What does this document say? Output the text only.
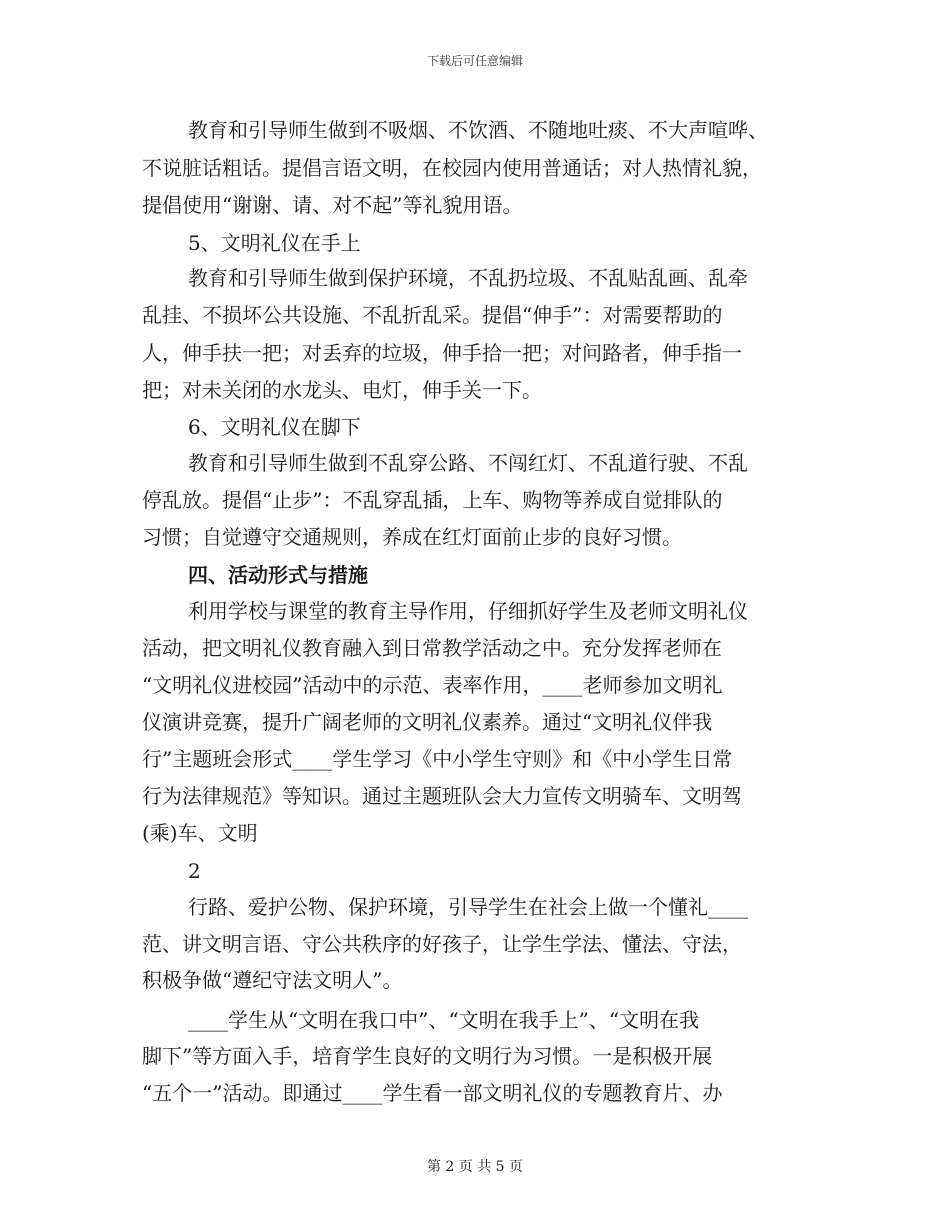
下载后可任意编辑
教育和引导师生做到不吸烟、不饮酒、不随地吐痰、不大声喧哗、
不说脏话粗话。提倡言语文明，在校园内使用普通话；对人热情礼貌，
提倡使用“谢谢、请、对不起”等礼貌用语。
5、文明礼仪在手上
教育和引导师生做到保护环境，不乱扔垃圾、不乱贴乱画、乱牵
乱挂、不损坏公共设施、不乱折乱采。提倡“伸手”：对需要帮助的
人，伸手扶一把；对丢弃的垃圾，伸手拾一把；对问路者，伸手指一
把；对未关闭的水龙头、电灯，伸手关一下。
6、文明礼仪在脚下
教育和引导师生做到不乱穿公路、不闯红灯、不乱道行驶、不乱
停乱放。提倡“止步”：不乱穿乱插，上车、购物等养成自觉排队的
习惯；自觉遵守交通规则，养成在红灯面前止步的良好习惯。
四、活动形式与措施
利用学校与课堂的教育主导作用，仔细抓好学生及老师文明礼仪
活动，把文明礼仪教育融入到日常教学活动之中。充分发挥老师在
“文明礼仪进校园”活动中的示范、表率作用，____老师参加文明礼
仪演讲竞赛，提升广阔老师的文明礼仪素养。通过“文明礼仪伴我
行”主题班会形式____学生学习《中小学生守则》和《中小学生日常
行为法律规范》等知识。通过主题班队会大力宣传文明骑车、文明驾
(乘)车、文明
2
行路、爱护公物、保护环境，引导学生在社会上做一个懂礼____
范、讲文明言语、守公共秩序的好孩子，让学生学法、懂法、守法，
积极争做“遵纪守法文明人”。
____学生从“文明在我口中”、“文明在我手上”、“文明在我
脚下”等方面入手，培育学生良好的文明行为习惯。一是积极开展
“五个一”活动。即通过____学生看一部文明礼仪的专题教育片、办
第 2 页 共 5 页
